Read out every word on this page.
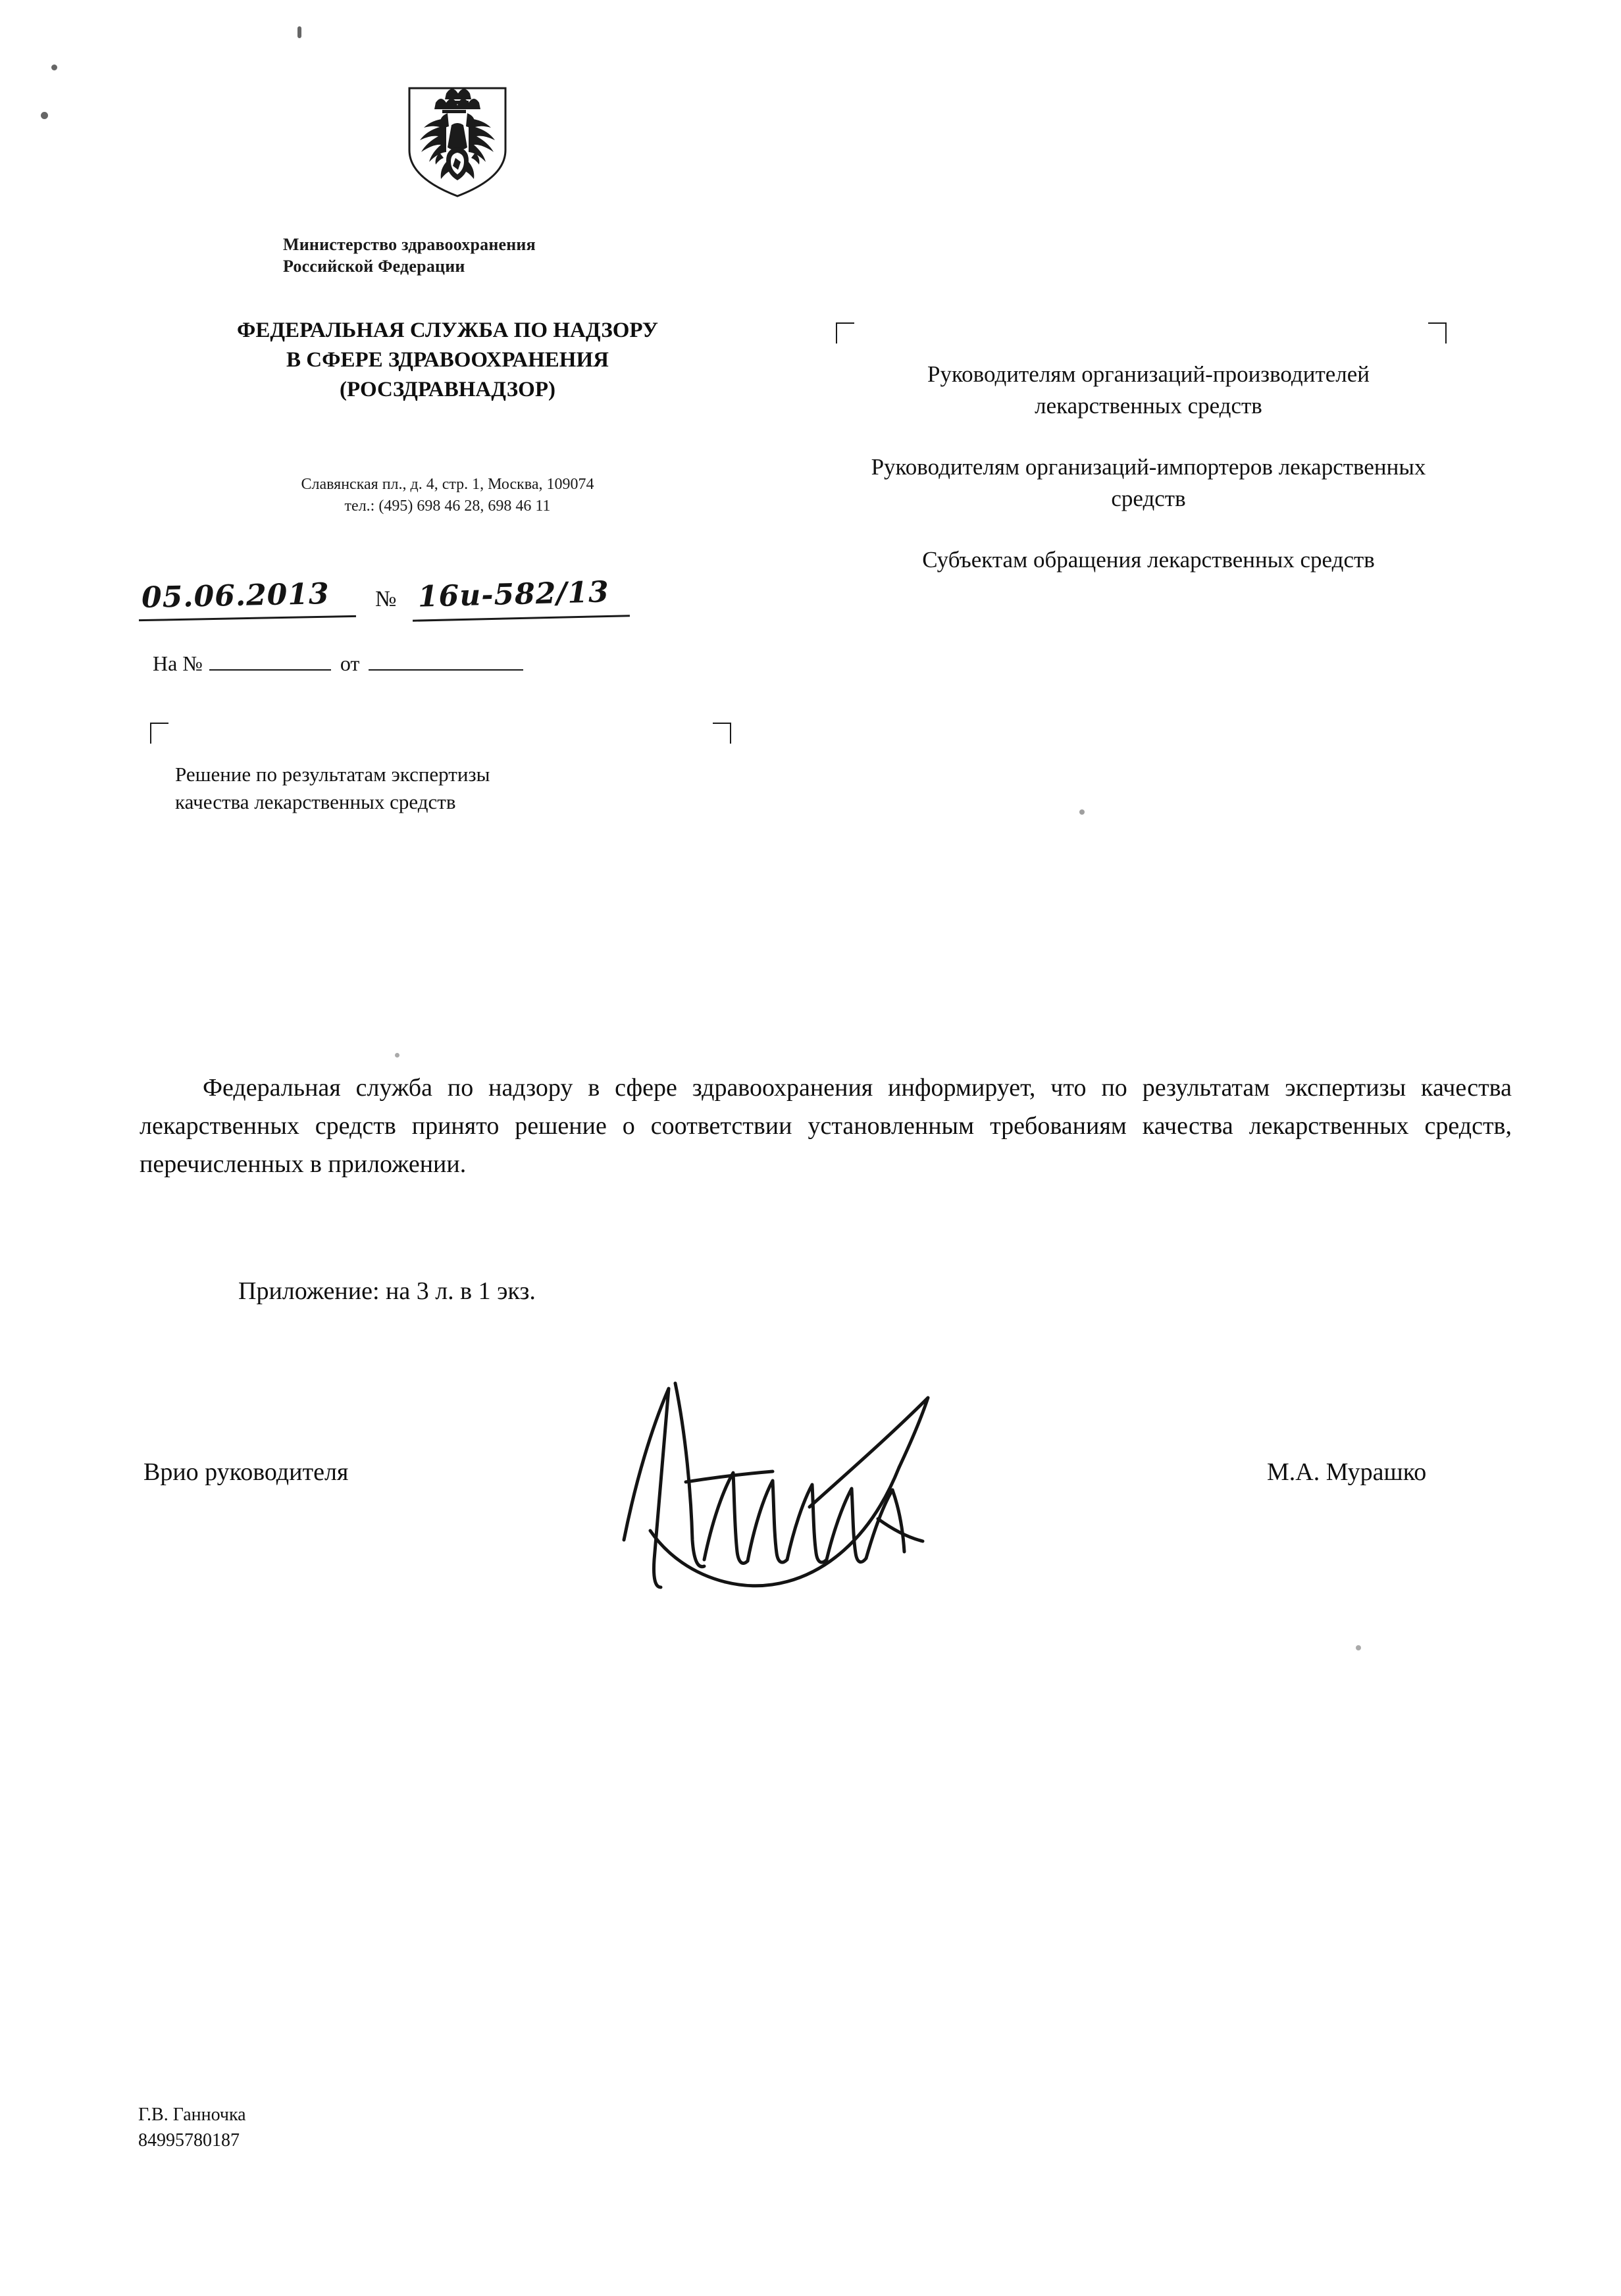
Министерство здравоохранения
Российской Федерации
ФЕДЕРАЛЬНАЯ СЛУЖБА ПО НАДЗОРУ
В СФЕРЕ ЗДРАВООХРАНЕНИЯ
(РОСЗДРАВНАДЗОР)
Славянская пл., д. 4, стр. 1, Москва, 109074
тел.: (495) 698 46 28, 698 46 11
05.06.2013 № 16и-582/13
На №	от
Решение по результатам экспертизы
качества лекарственных средств

Руководителям организаций-производителей лекарственных средств

Руководителям организаций-импортеров лекарственных средств

Субъектам обращения лекарственных средств

Федеральная служба по надзору в сфере здравоохранения информирует, что по результатам экспертизы качества лекарственных средств принято решение о соответствии установленным требованиям качества лекарственных средств, перечисленных в приложении.
Приложение: на 3 л. в 1 экз.
Врио руководителя	М.А. Мурашко
Г.В. Ганночка
84995780187
